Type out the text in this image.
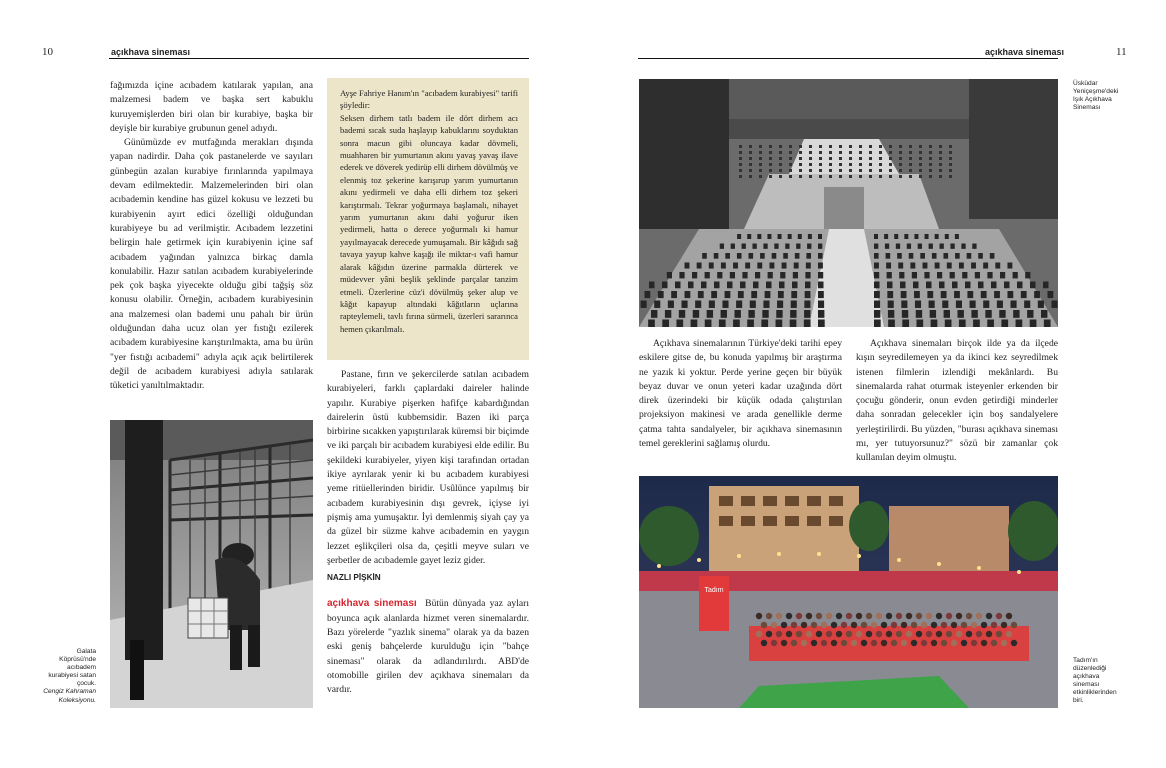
10	açıkhava sineması

fağımızda içine acıbadem katılarak yapılan, ana malzemesi badem ve başka sert kabuklu kuruyemişlerden biri olan bir kurabiye, başka bir deyişle bir kurabiye grubunun genel adıydı.

Günümüzde ev mutfağında merakları dışında yapan nadirdir. Daha çok pastanelerde ve sayıları günbegün azalan kurabiye fırınlarında yapılmaya devam edilmektedir. Malzemelerinden biri olan acıbademin kendine has güzel kokusu ve lezzeti bu kurabiyenin ayırt edici özelliği olduğundan kurabiyeye bu ad verilmiştir. Acıbadem lezzetini belirgin hale getirmek için kurabiyenin içine saf acıbadem yağından yalnızca birkaç damla konulabilir. Hazır satılan acıbadem kurabiyelerinde pek çok başka yiyecekte olduğu gibi tağşiş söz konusu olabilir. Örneğin, acıbadem kurabiyesinin ana malzemesi olan bademi unu pahalı bir ürün olduğundan daha ucuz olan yer fıstığı ezilerek acıbadem kurabiyesine karıştırılmakta, ama bu ürün "yer fıstığı acıbademi" adıyla açık açık belirtilerek değil de acıbadem kurabiyesi adıyla satılarak tüketici yanıltılmaktadır.

Ayşe Fahriye Hanım'ın "acıbadem kurabiyesi" tarifi şöyledir:

Seksen dirhem tatlı badem ile dört dirhem acı bademi sıcak suda haşlayıp kabuklarını soyduktan sonra macun gibi oluncaya kadar dövmeli, muahharen bir yumurtanın akını yavaş yavaş ilave ederek ve döverek yedirüp elli dirhem dövülmüş ve elenmiş toz şekerine karışırup yarım yumurtanın akını yedirmeli ve daha elli dirhem toz şekeri karıştırmalı. Tekrar yoğurmaya başlamalı, nihayet yarım yumurtanın akını dahi yoğurur iken yedirmeli, hatta o derece yoğurmalı ki hamur yayılmayacak derecede yumuşamalı. Bir kâğıdı sağ tavaya yayup kahve kaşığı ile miktar-ı vafi hamur alarak kâğıdın üzerine parmakla dürterek ve müdevver yâni beşlik şeklinde parçalar tanzim etmeli. Üzerlerine cüz'i dövülmüş şeker alup ve kâğıt kapayup altındaki kâğıtların uçlarına rapteylemeli, tavlı fırına sürmeli, üzerleri sararınca hemen çıkarılmalı.

Pastane, fırın ve şekercilerde satılan acıbadem kurabiyeleri, farklı çaplardaki daireler halinde yapılır. Kurabiye pişerken hafifçe kabardığından dairelerin üstü kubbemsidir. Bazen iki parça birbirine sıcakken yapıştırılarak küremsi bir biçimde ve iki parçalı bir acıbadem kurabiyesi elde edilir. Bu şekildeki kurabiyeler, yiyen kişi tarafından ortadan ikiye ayrılarak yenir ki bu acıbadem kurabiyesi yeme ritüellerinden biridir. Usûlünce yapılmış bir acıbadem kurabiyesinin dışı gevrek, içiyse iyi pişmiş ama yumuşaktır. İyi demlenmiş siyah çay ya da güzel bir süzme kahve acıbademin en yaygın lezzet eşlikçileri olsa da, çeşitli meyve suları ve şerbetler de acıbademle gayet leziz gider.

NAZLI PİŞKİN

açıkhava sineması Bütün dünyada yaz ayları boyunca açık alanlarda hizmet veren sinemalardır. Bazı yörelerde "yazlık sinema" olarak ya da bazen eski geniş bahçelerde kurulduğu için "bahçe sineması" olarak da adlandırılırdı. ABD'de otomobille girilen dev açıkhava sinemaları da vardır.

Galata
Köprüsü'nde
acıbadem
kurabiyesi satan
çocuk.
Cengiz Kahraman
Koleksiyonu.
11
açıkhava sineması
Üsküdar
Yeniçeşme'deki
Işık Açıkhava
Sineması

Açıkhava sinemalarının Türkiye'deki tarihi epey eskilere gitse de, bu konuda yapılmış bir araştırma ne yazık ki yoktur. Perde yerine geçen bir büyük beyaz duvar ve onun yeteri kadar uzağında dört direk üzerindeki bir küçük odada çalıştırılan projeksiyon makinesi ve arada genellikle derme çatma tahta sandalyeler, bir açıkhava sinemasının temel gereklerini sağlamış olurdu.

Açıkhava sinemaları birçok ilde ya da ilçede kışın seyredilemeyen ya da ikinci kez seyredilmek istenen filmlerin izlendiği mekânlardı. Bu sinemalarda rahat oturmak isteyenler erkenden bir çocuğu gönderir, onun evden getirdiği minderler daha sonradan gelecekler için boş sandalyelere yerleştirilirdi. Bu yüzden, "burası açıkhava sineması mı, yer tutuyorsunuz?" sözü bir zamanlar çok kullanılan deyim olmuştu.

Tadım
Tadım'ın
düzenlediği
açıkhava
sineması
etkinliklerinden
biri.
